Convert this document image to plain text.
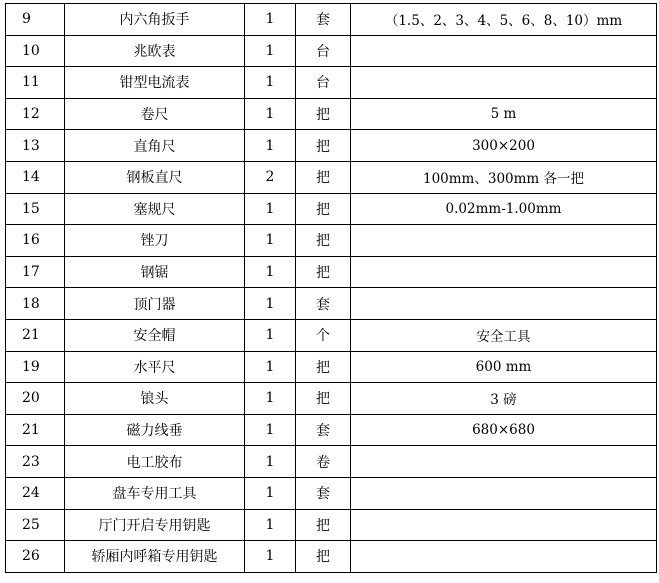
9	内六角扳手	1	套	（1.5、2、3、4、5、6、8、10）mm
10	兆欧表	1	台	
11	钳型电流表	1	台	
12	卷尺	1	把	5 m
13	直角尺	1	把	300×200
14	钢板直尺	2	把	100mm、300mm 各一把
15	塞规尺	1	把	0.02mm-1.00mm
16	锉刀	1	把	
17	钢锯	1	把	
18	顶门器	1	套	
21	安全帽	1	个	安全工具
19	水平尺	1	把	600 mm
20	锒头	1	把	3 磅
21	磁力线垂	1	套	680×680
23	电工胶布	1	卷	
24	盘车专用工具	1	套	
25	厅门开启专用钥匙	1	把	
26	轿厢内呼箱专用钥匙	1	把	
